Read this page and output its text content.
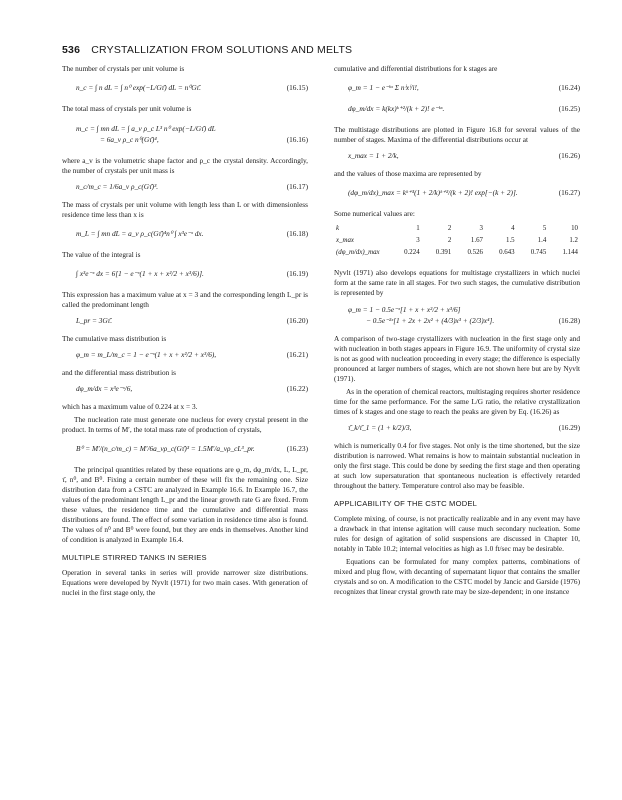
536 CRYSTALLIZATION FROM SOLUTIONS AND MELTS

The number of crystals per unit volume is

n_c = ∫ n dL = ∫ n⁰ exp(−L/Gτ̄) dL = n⁰Gτ̄.	(16.15)

The total mass of crystals per unit volume is

m_c = ∫ mn dL = ∫ a_v ρ_c L³ n⁰ exp(−L/Gτ̄) dL
= 6a_v ρ_c n⁰(Gτ̄)⁴,	(16.16)

where a_v is the volumetric shape factor and ρ_c the crystal density. Accordingly, the number of crystals per unit mass is

n_c/m_c = 1/6a_v ρ_c(Gτ̄)³.	(16.17)

The mass of crystals per unit volume with length less than L or with dimensionless residence time less than x is

m_L = ∫ mn dL = a_v ρ_c(Gτ̄)⁴n⁰ ∫ x³e⁻ˣ dx.	(16.18)

The value of the integral is

∫ x³e⁻ˣ dx = 6[1 − e⁻ˣ(1 + x + x²/2 + x³/6)].	(16.19)

This expression has a maximum value at x = 3 and the corresponding length L_pr is called the predominant length

L_pr = 3Gτ̄.	(16.20)

The cumulative mass distribution is

φ_m = m_L/m_c = 1 − e⁻ˣ(1 + x + x²/2 + x³/6),	(16.21)

and the differential mass distribution is

dφ_m/dx = x³e⁻ˣ/6,	(16.22)

which has a maximum value of 0.224 at x = 3.

The nucleation rate must generate one nucleus for every crystal present in the product. In terms of M′, the total mass rate of production of crystals,

B⁰ = M′/(n_c/m_c) = M′/6a_vρ_c(Gτ̄)³ = 1.5M′/a_vρ_cL³_pr.	(16.23)

The principal quantities related by these equations are φ_m, dφ_m/dx, L, L_pr, τ̄, n⁰, and B⁰. Fixing a certain number of these will fix the remaining one. Size distribution data from a CSTC are analyzed in Example 16.6. In Example 16.7, the values of the predominant length L_pr and the linear growth rate G are fixed. From these values, the residence time and the cumulative and differential mass distributions are found. The effect of some variation in residence time also is found. The values of n⁰ and B⁰ were found, but they are ends in themselves. Another kind of condition is analyzed in Example 16.4.

MULTIPLE STIRRED TANKS IN SERIES

Operation in several tanks in series will provide narrower size distributions. Equations were developed by Nyvlt (1971) for two main cases. With generation of nuclei in the first stage only, the

cumulative and differential distributions for k stages are

φ_m = 1 − e⁻ᵏˣ Σ nⁱxⁱ/i!,	(16.24)
dφ_m/dx = k(kx)ᵏ⁺²/(k + 2)! e⁻ᵏˣ.	(16.25)

The multistage distributions are plotted in Figure 16.8 for several values of the number of stages. Maxima of the differential distributions occur at

x_max = 1 + 2/k,	(16.26)

and the values of those maxima are represented by

(dφ_m/dx)_max = kᵏ⁺³(1 + 2/k)ᵏ⁺²/(k + 2)! exp[−(k + 2)].	(16.27)

Some numerical values are:

k	1	2	3	4	5	10
x_max	3	2	1.67	1.5	1.4	1.2
(dφ_m/dx)_max	0.224	0.391	0.526	0.643	0.745	1.144

Nyvlt (1971) also develops equations for multistage crystallizers in which nuclei form at the same rate in all stages. For two such stages, the cumulative distribution is represented by

φ_m = 1 − 0.5e⁻ˣ[1 + x + x²/2 + x³/6]
− 0.5e⁻²ˣ[1 + 2x + 2x² + (4/3)x³ + (2/3)x⁴].	(16.28)

A comparison of two-stage crystallizers with nucleation in the first stage only and with nucleation in both stages appears in Figure 16.9. The uniformity of crystal size is not as good with nucleation proceeding in every stage; the difference is especially pronounced at larger numbers of stages, which are not shown here but are by Nyvlt (1971).

As in the operation of chemical reactors, multistaging requires shorter residence time for the same performance. For the same L/G ratio, the relative crystallization times of k stages and one stage to reach the peaks are given by Eq. (16.26) as

τ̄_k/τ̄_1 = (1 + k/2)/3,	(16.29)

which is numerically 0.4 for five stages. Not only is the time shortened, but the size distribution is narrowed. What remains is how to maintain substantial nucleation in only the first stage. This could be done by seeding the first stage and then operating at such low supersaturation that spontaneous nucleation is effectively retarded throughout the battery. Temperature control also may be feasible.

APPLICABILITY OF THE CSTC MODEL

Complete mixing, of course, is not practically realizable and in any event may have a drawback in that intense agitation will cause much secondary nucleation. Some rules for design of agitation of solid suspensions are discussed in Chapter 10, notably in Table 10.2; internal velocities as high as 1.0 ft/sec may be desirable.

Equations can be formulated for many complex patterns, combinations of mixed and plug flow, with decanting of supernatant liquor that contains the smaller crystals and so on. A modification to the CSTC model by Jancic and Garside (1976) recognizes that linear crystal growth rate may be size-dependent; in one instance
